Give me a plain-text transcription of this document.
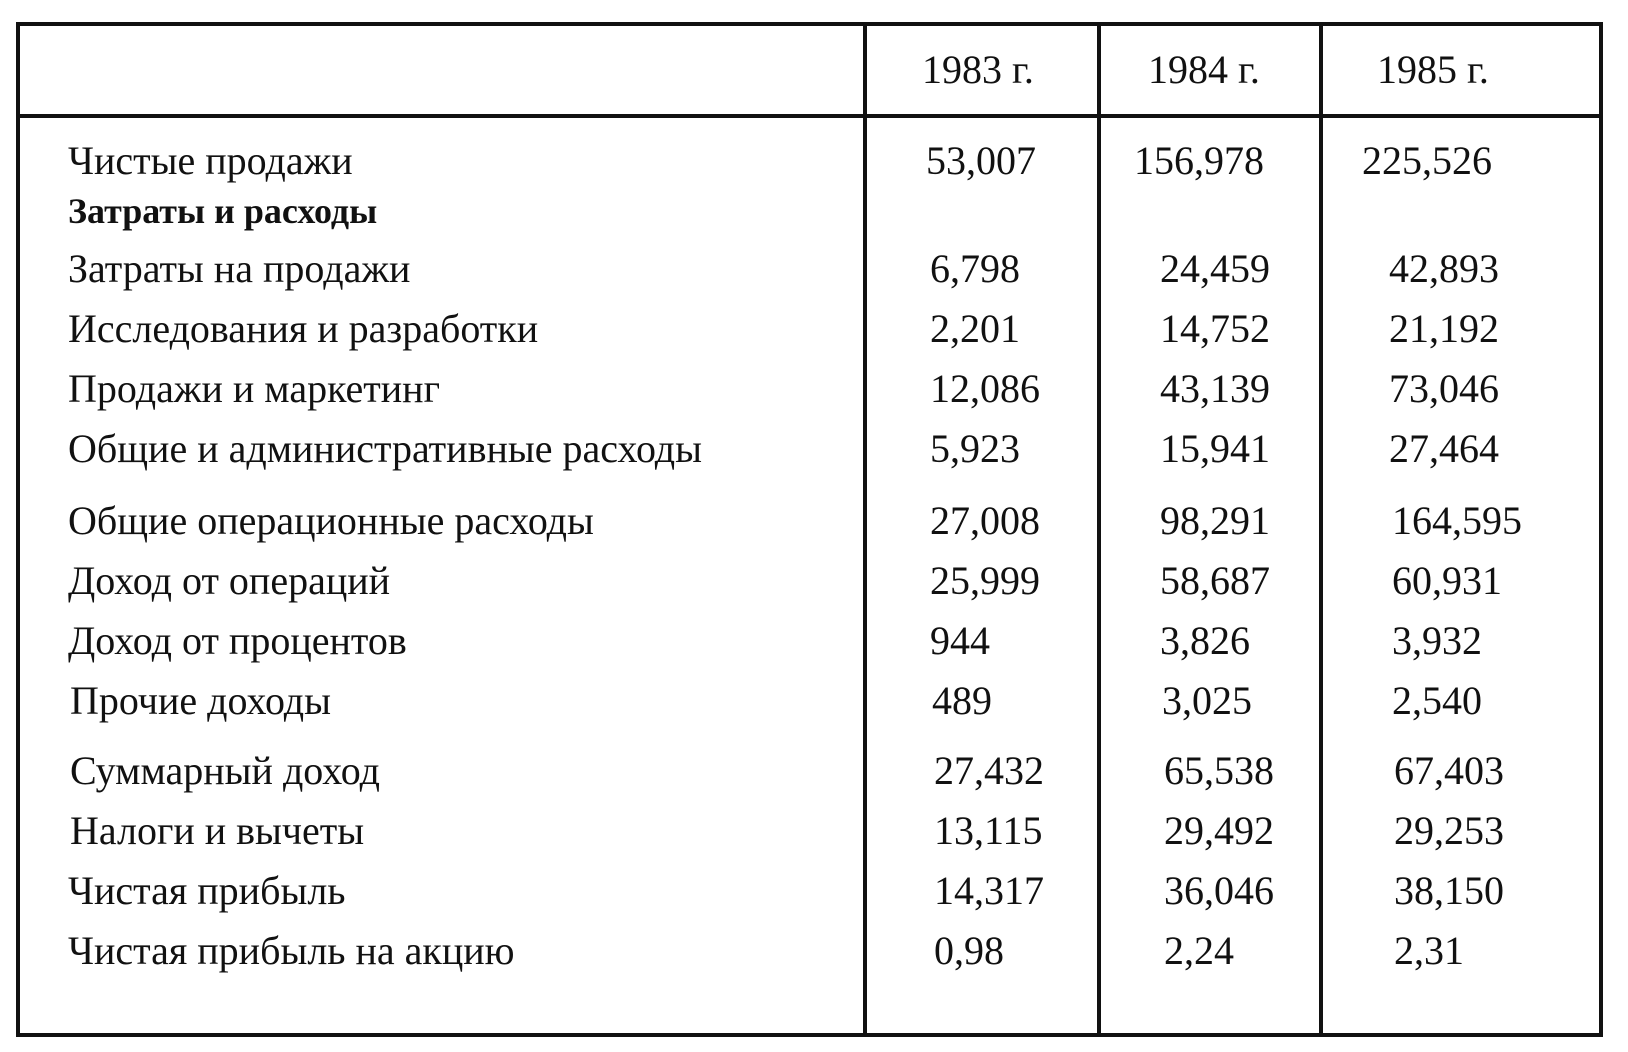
1983 г.	1984 г.	1985 г.
Чистые продажи	53,007 156,978 225,526
Затраты и расходы
Затраты на продажи	6,798	24,459	42,893
Исследования и разработки	2,201	14,752	21,192
Продажи и маркетинг	12,086	43,139	73,046
Общие и административные расходы	5,923	15,941	27,464
Общие операционные расходы	27,008	98,291	164,595
Доход от операций	25,999	58,687	60,931
Доход от процентов	944	3,826	3,932
Прочие доходы	489	3,025	2,540
Суммарный доход	27,432	65,538	67,403
Налоги и вычеты	13,115	29,492	29,253
Чистая прибыль	14,317	36,046	38,150
Чистая прибыль на акцию	0,98	2,24	2,31
